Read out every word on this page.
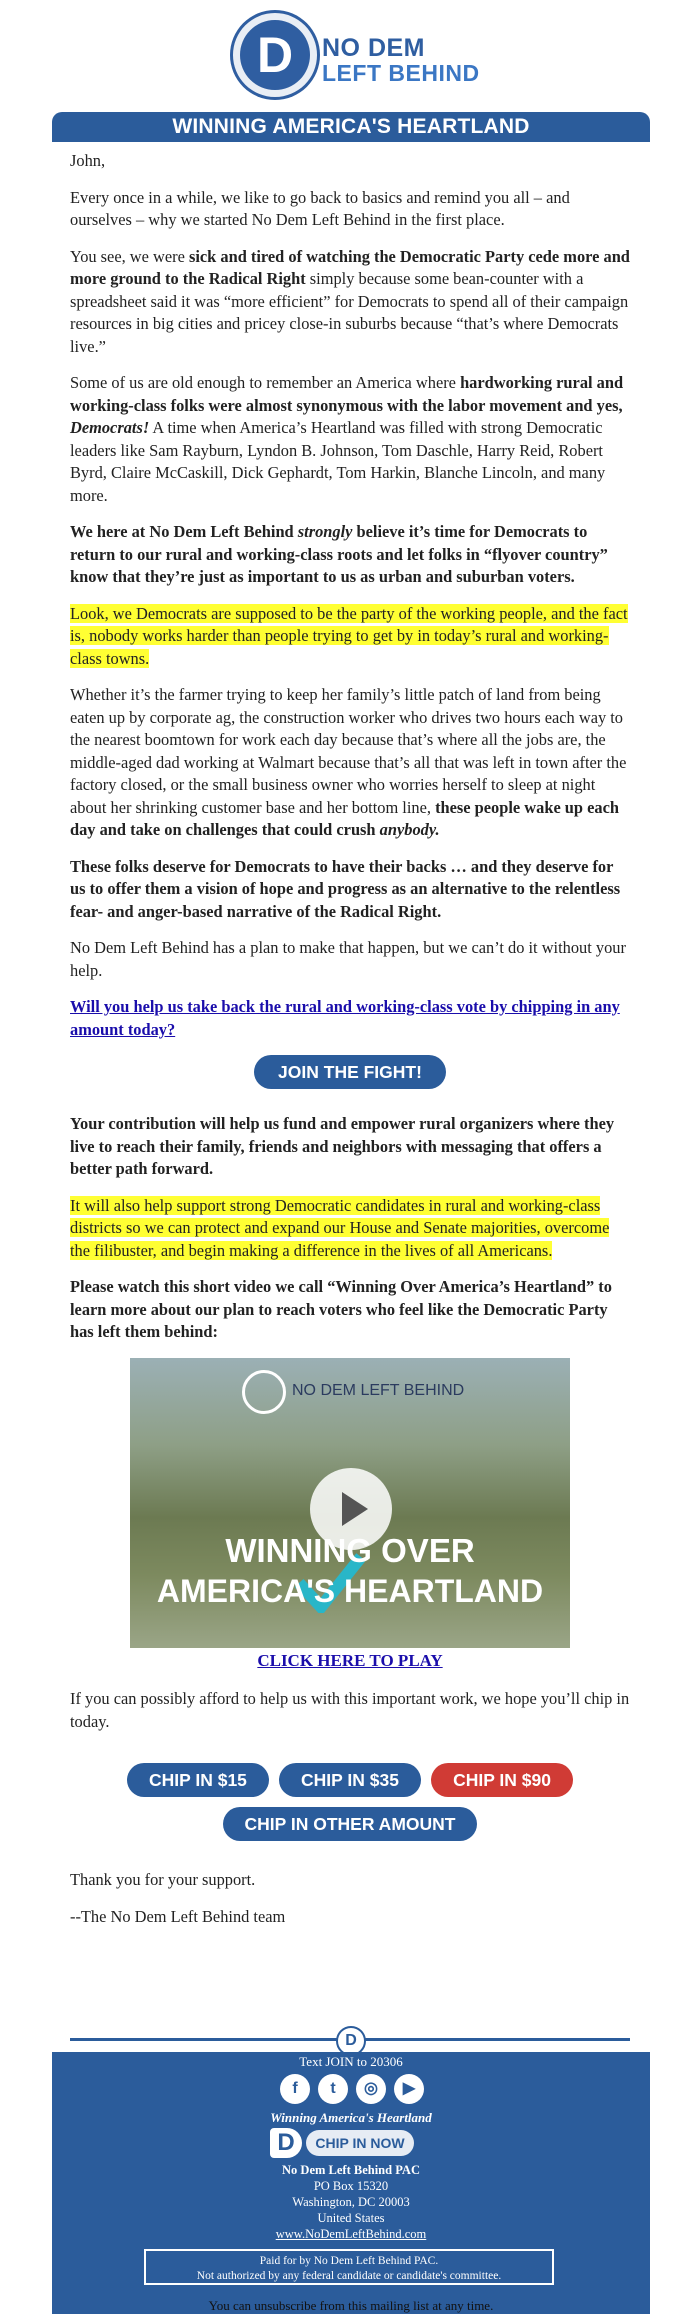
D	NO DEM
LEFT BEHIND
WINNING AMERICA'S HEARTLAND

John,

Every once in a while, we like to go back to basics and remind you all – and ourselves – why we started No Dem Left Behind in the first place.

You see, we were sick and tired of watching the Democratic Party cede more and more ground to the Radical Right simply because some bean-counter with a spreadsheet said it was “more efficient” for Democrats to spend all of their campaign resources in big cities and pricey close-in suburbs because “that’s where Democrats live.”

Some of us are old enough to remember an America where hardworking rural and working-class folks were almost synonymous with the labor movement and yes, Democrats! A time when America’s Heartland was filled with strong Democratic leaders like Sam Rayburn, Lyndon B. Johnson, Tom Daschle, Harry Reid, Robert Byrd, Claire McCaskill, Dick Gephardt, Tom Harkin, Blanche Lincoln, and many more.

We here at No Dem Left Behind strongly believe it’s time for Democrats to return to our rural and working-class roots and let folks in “flyover country” know that they’re just as important to us as urban and suburban voters.

Look, we Democrats are supposed to be the party of the working people, and the fact is, nobody works harder than people trying to get by in today’s rural and working-class towns.

Whether it’s the farmer trying to keep her family’s little patch of land from being eaten up by corporate ag, the construction worker who drives two hours each way to the nearest boomtown for work each day because that’s where all the jobs are, the middle-aged dad working at Walmart because that’s all that was left in town after the factory closed, or the small business owner who worries herself to sleep at night about her shrinking customer base and her bottom line, these people wake up each day and take on challenges that could crush anybody.

These folks deserve for Democrats to have their backs … and they deserve for us to offer them a vision of hope and progress as an alternative to the relentless fear- and anger-based narrative of the Radical Right.

No Dem Left Behind has a plan to make that happen, but we can’t do it without your help.

Will you help us take back the rural and working-class vote by chipping in any amount today?

JOIN THE FIGHT!

Your contribution will help us fund and empower rural organizers where they live to reach their family, friends and neighbors with messaging that offers a better path forward.

It will also help support strong Democratic candidates in rural and working-class districts so we can protect and expand our House and Senate majorities, overcome the filibuster, and begin making a difference in the lives of all Americans.

Please watch this short video we call “Winning Over America’s Heartland” to learn more about our plan to reach voters who feel like the Democratic Party has left them behind:

NO DEM LEFT BEHIND
WINNING OVER
AMERICA'S HEARTLAND
CLICK HERE TO PLAY

If you can possibly afford to help us with this important work, we hope you’ll chip in today.

CHIP IN $15	CHIP IN $35	CHIP IN $90
CHIP IN OTHER AMOUNT

Thank you for your support.

--The No Dem Left Behind team

D
Text JOIN to 20306
f	t	◎	▶
Winning America's Heartland
D	CHIP IN NOW
No Dem Left Behind PAC
PO Box 15320
Washington, DC 20003
United States
www.NoDemLeftBehind.com
Paid for by No Dem Left Behind PAC.
Not authorized by any federal candidate or candidate's committee.
You can unsubscribe from this mailing list at any time.
